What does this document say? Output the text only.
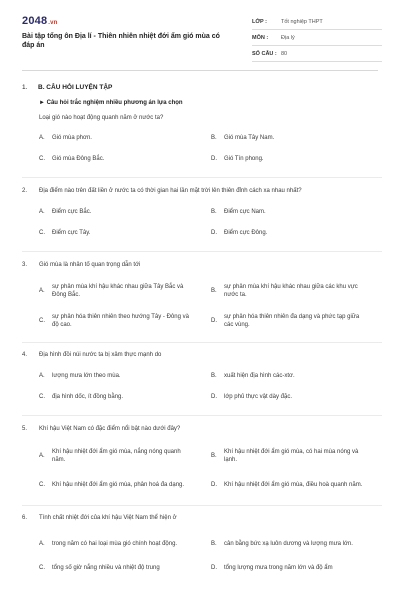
2048.vn
Bài tập tổng ôn Địa lí - Thiên nhiên nhiệt đới ẩm gió mùa có đáp án
LỚP :	Tốt nghiệp THPT
MÔN :	Địa lý
SỐ CÂU : 80
1.	B. CÂU HỎI LUYỆN TẬP
► Câu hỏi trắc nghiệm nhiều phương án lựa chọn
Loại gió nào hoạt động quanh năm ở nước ta?
A.	Gió mùa phơn.	B.	Gió mùa Tây Nam.
C.	Gió mùa Đông Bắc.	D.	Gió Tín phong.
2.	Địa điểm nào trên đất liền ở nước ta có thời gian hai lần mặt trời lên thiên đỉnh cách xa nhau nhất?
A.	Điểm cực Bắc.	B.	Điểm cực Nam.
C.	Điểm cực Tây.	D.	Điểm cực Đông.
3.	Gió mùa là nhân tố quan trọng dẫn tới
A.
sự phân mùa khí hậu khác nhau giữa Tây Bắc và Đông Bắc.
B.
sự phân mùa khí hậu khác nhau giữa các khu vực nước ta.
C.
sự phân hóa thiên nhiên theo hướng Tây - Đông và độ cao.
D.
sự phân hóa thiên nhiên đa dạng và phức tạp giữa các vùng.
4.	Địa hình đồi núi nước ta bị xâm thực mạnh do
A.	lượng mưa lớn theo mùa.	B.	xuất hiện địa hình các-xtơ.
C.	địa hình dốc, ít đồng bằng.	D.	lớp phủ thực vật dày đặc.
5.	Khí hậu Việt Nam có đặc điểm nổi bật nào dưới đây?
A.
Khí hậu nhiệt đới ẩm gió mùa, nắng nóng quanh năm.
B.
Khí hậu nhiệt đới ẩm gió mùa, có hai mùa nóng và lạnh.
C.	Khí hậu nhiệt đới ẩm gió mùa, phân hoá đa dạng.	D.	Khí hậu nhiệt đới ẩm gió mùa, điều hoà quanh năm.
6.	Tính chất nhiệt đới của khí hậu Việt Nam thể hiện ở
A.	trong năm có hai loại mùa gió chính hoạt động.	B.	cân bằng bức xạ luôn dương và lượng mưa lớn.
C.	tổng số giờ nắng nhiều và nhiệt độ trung	D.	tổng lượng mưa trong năm lớn và độ ẩm
